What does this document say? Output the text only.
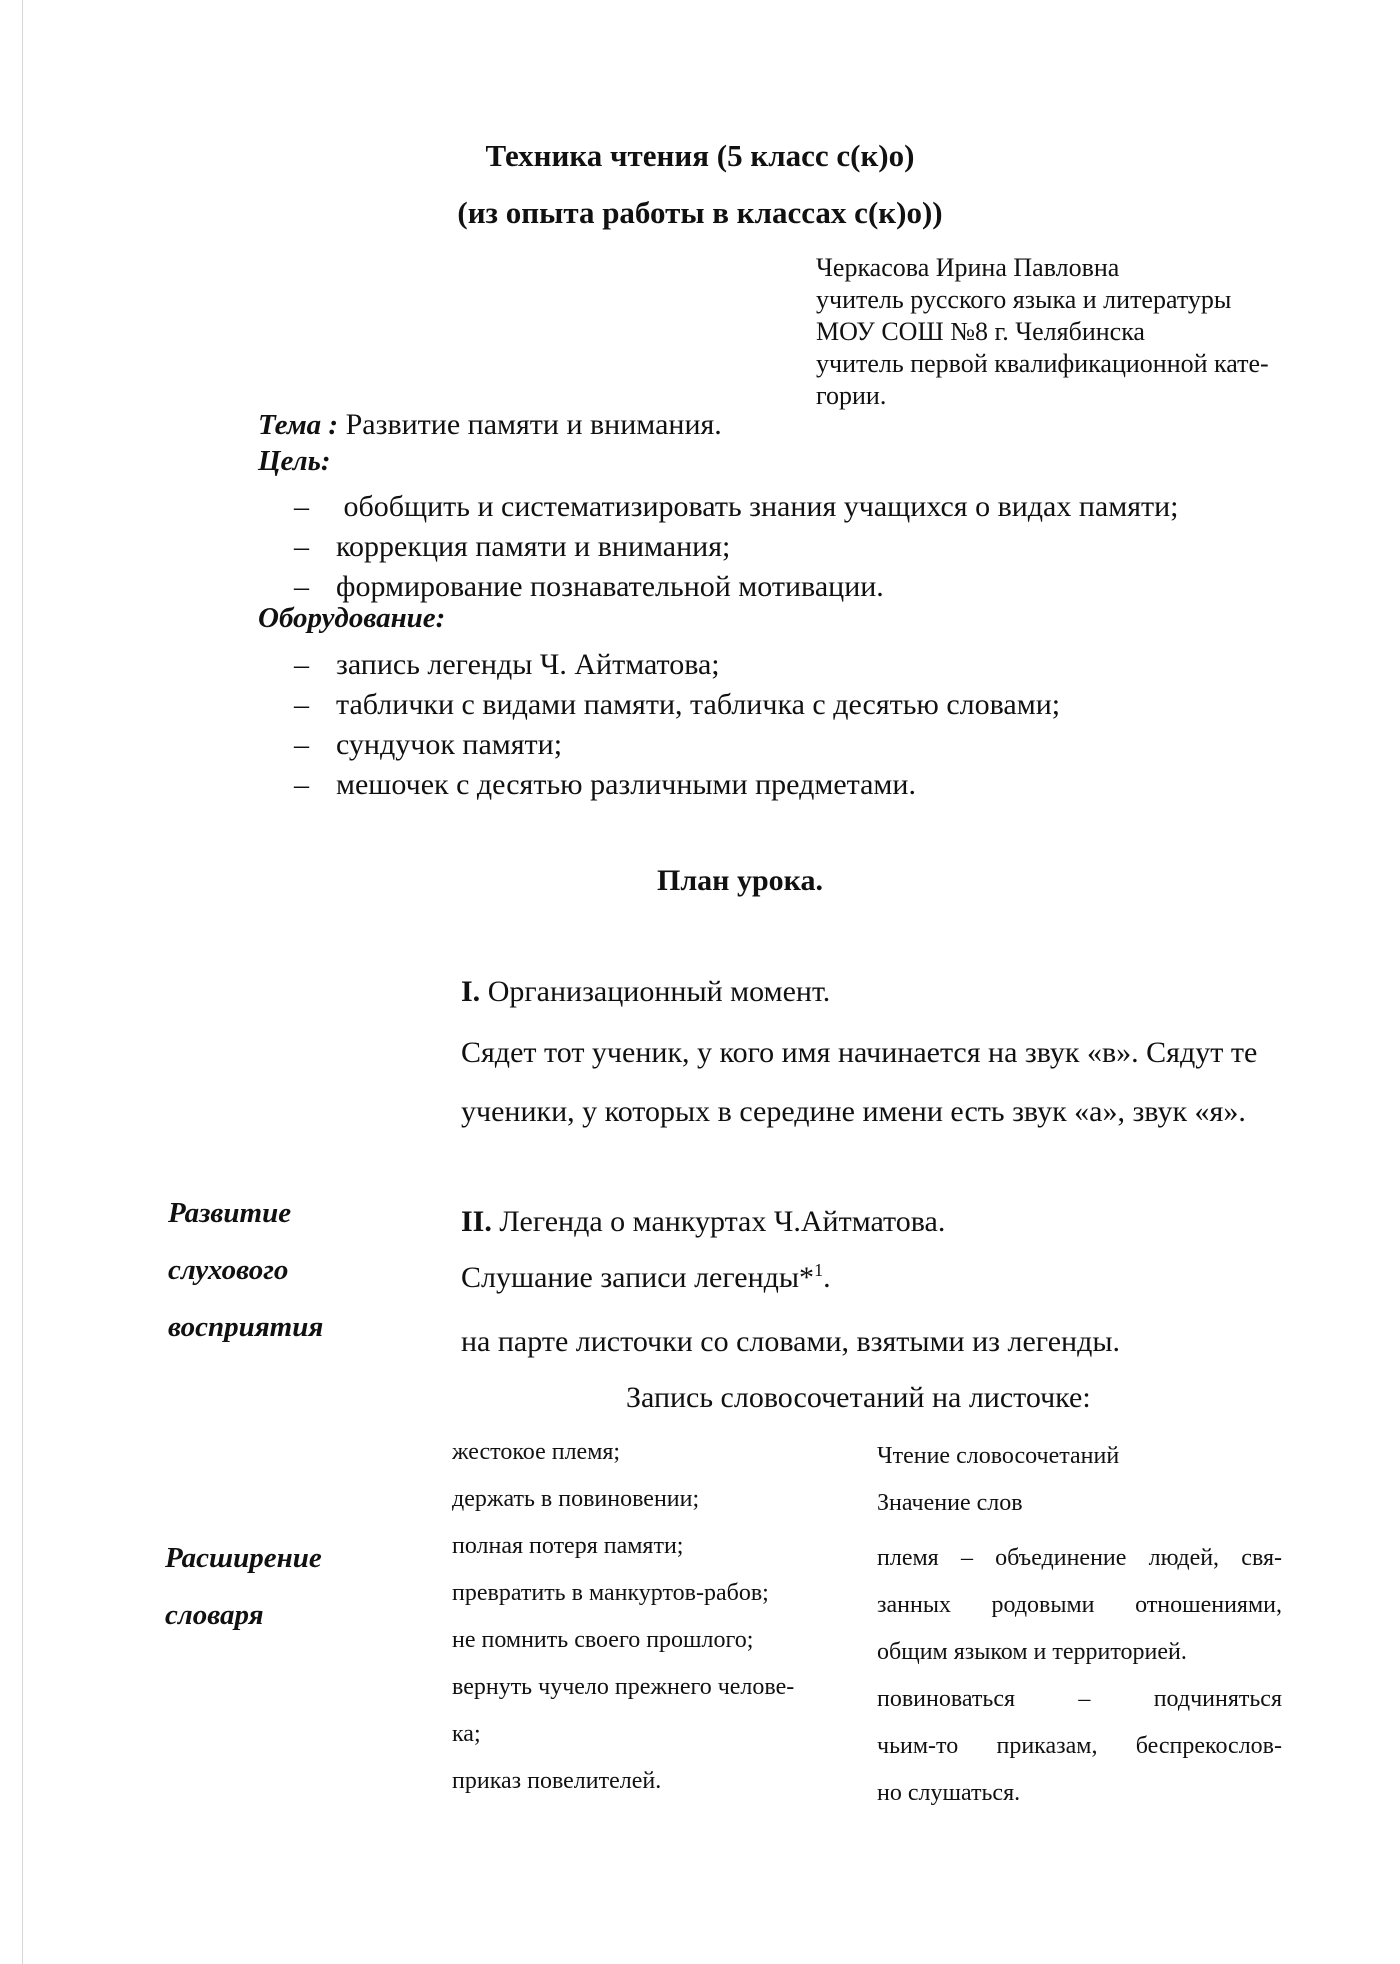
Техника чтения (5 класс с(к)о)
(из опыта работы в классах с(к)о))
Черкасова Ирина Павловна
учитель русского языка и литературы
МОУ СОШ №8 г. Челябинска
учитель первой квалификационной кате-
гории.
Тема : Развитие памяти и внимания.
Цель:
– обобщить и систематизировать знания учащихся о видах памяти;
– коррекция памяти и внимания;
– формирование познавательной мотивации.
Оборудование:
– запись легенды Ч. Айтматова;
– таблички с видами памяти, табличка с десятью словами;
– сундучок памяти;
– мешочек с десятью различными предметами.
План урока.
I. Организационный момент.
Сядет тот ученик, у кого имя начинается на звук «в». Сядут те
ученики, у которых в середине имени есть звук «а», звук «я».
Развитие
слухового
восприятия
II. Легенда о манкуртах Ч.Айтматова.
Слушание записи легенды*$^1$.
на парте листочки со словами, взятыми из легенды.
Запись словосочетаний на листочке:
Расширение
словаря
жестокое племя;
держать в повиновении;
полная потеря памяти;
превратить в манкуртов-рабов;
не помнить своего прошлого;
вернуть чучело прежнего челове-
ка;
приказ повелителей.
Чтение словосочетаний
Значение слов
племя – объединение людей, свя-
занных родовыми отношениями,
общим языком и территорией.
повиноваться – подчиняться
чьим-то приказам, беспрекослов-
но слушаться.
